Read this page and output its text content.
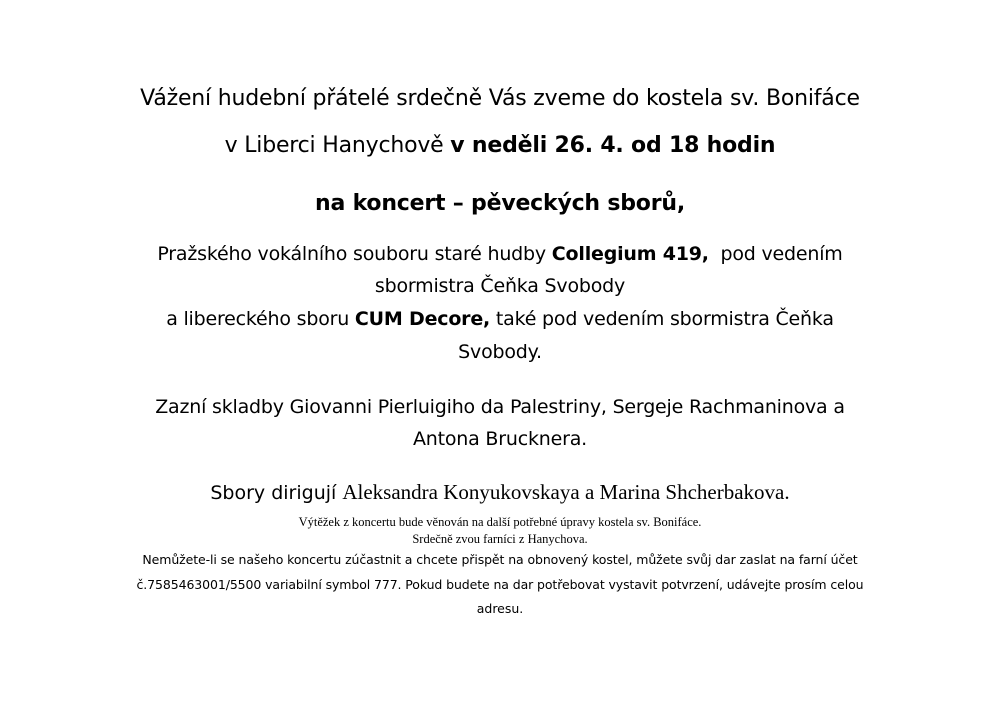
Vážení hudební přátelé srdečně Vás zveme do kostela sv. Bonifáce
v Liberci Hanychově v neděli 26. 4. od 18 hodin
na koncert – pěveckých sborů,
Pražského vokálního souboru staré hudby Collegium 419,  pod vedením
sbormistra Čeňka Svobody
a libereckého sboru CUM Decore, také pod vedením sbormistra Čeňka
Svobody.
Zazní skladby Giovanni Pierluigiho da Palestriny, Sergeje Rachmaninova a
Antona Brucknera.
Sbory dirigují Aleksandra Konyukovskaya a Marina Shcherbakova.
Výtěžek z koncertu bude věnován na další potřebné úpravy kostela sv. Bonifáce.
Srdečně zvou farníci z Hanychova.
Nemůžete-li se našeho koncertu zúčastnit a chcete přispět na obnovený kostel, můžete svůj dar zaslat na farní účet
č.7585463001/5500 variabilní symbol 777. Pokud budete na dar potřebovat vystavit potvrzení, udávejte prosím celou
adresu.
